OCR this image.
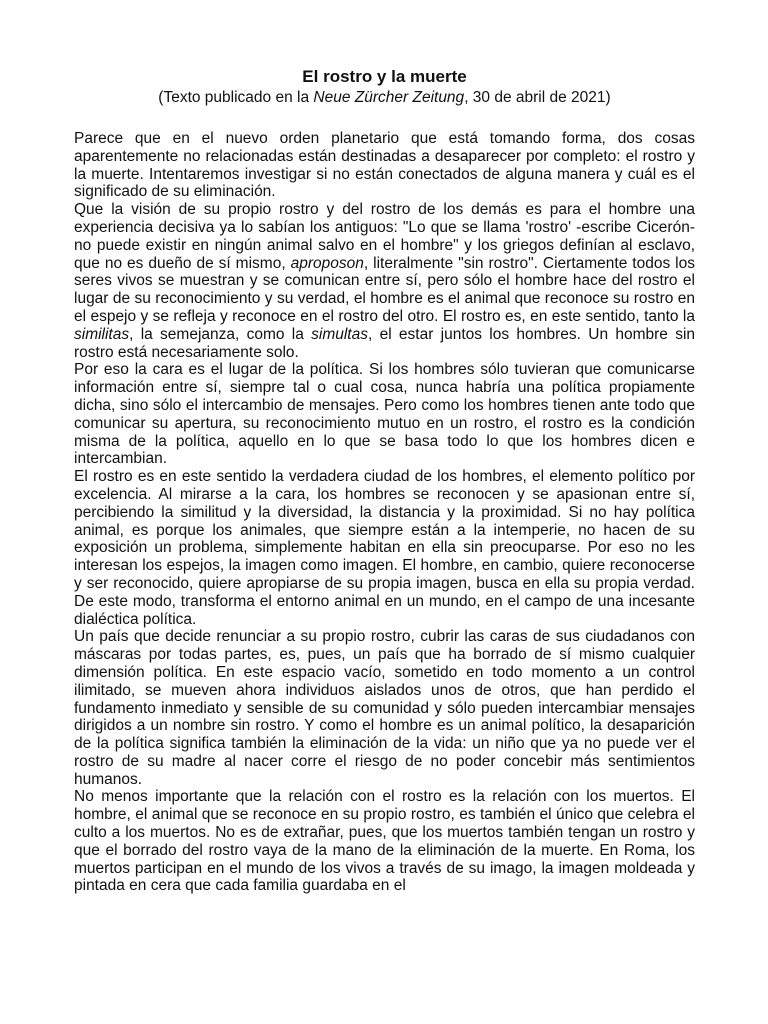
El rostro y la muerte

(Texto publicado en la Neue Zürcher Zeitung, 30 de abril de 2021)

Parece que en el nuevo orden planetario que está tomando forma, dos cosas aparentemente no relacionadas están destinadas a desaparecer por completo: el rostro y la muerte. Intentaremos investigar si no están conectados de alguna manera y cuál es el significado de su eliminación.

Que la visión de su propio rostro y del rostro de los demás es para el hombre una experiencia decisiva ya lo sabían los antiguos: "Lo que se llama 'rostro' -escribe Cicerón- no puede existir en ningún animal salvo en el hombre" y los griegos definían al esclavo, que no es dueño de sí mismo, aproposon, literalmente "sin rostro". Ciertamente todos los seres vivos se muestran y se comunican entre sí, pero sólo el hombre hace del rostro el lugar de su reconocimiento y su verdad, el hombre es el animal que reconoce su rostro en el espejo y se refleja y reconoce en el rostro del otro. El rostro es, en este sentido, tanto la similitas, la semejanza, como la simultas, el estar juntos los hombres. Un hombre sin rostro está necesariamente solo.

Por eso la cara es el lugar de la política. Si los hombres sólo tuvieran que comunicarse información entre sí, siempre tal o cual cosa, nunca habría una política propiamente dicha, sino sólo el intercambio de mensajes. Pero como los hombres tienen ante todo que comunicar su apertura, su reconocimiento mutuo en un rostro, el rostro es la condición misma de la política, aquello en lo que se basa todo lo que los hombres dicen e intercambian.

El rostro es en este sentido la verdadera ciudad de los hombres, el elemento político por excelencia. Al mirarse a la cara, los hombres se reconocen y se apasionan entre sí, percibiendo la similitud y la diversidad, la distancia y la proximidad. Si no hay política animal, es porque los animales, que siempre están a la intemperie, no hacen de su exposición un problema, simplemente habitan en ella sin preocuparse. Por eso no les interesan los espejos, la imagen como imagen. El hombre, en cambio, quiere reconocerse y ser reconocido, quiere apropiarse de su propia imagen, busca en ella su propia verdad. De este modo, transforma el entorno animal en un mundo, en el campo de una incesante dialéctica política.

Un país que decide renunciar a su propio rostro, cubrir las caras de sus ciudadanos con máscaras por todas partes, es, pues, un país que ha borrado de sí mismo cualquier dimensión política. En este espacio vacío, sometido en todo momento a un control ilimitado, se mueven ahora individuos aislados unos de otros, que han perdido el fundamento inmediato y sensible de su comunidad y sólo pueden intercambiar mensajes dirigidos a un nombre sin rostro. Y como el hombre es un animal político, la desaparición de la política significa también la eliminación de la vida: un niño que ya no puede ver el rostro de su madre al nacer corre el riesgo de no poder concebir más sentimientos humanos.

No menos importante que la relación con el rostro es la relación con los muertos. El hombre, el animal que se reconoce en su propio rostro, es también el único que celebra el culto a los muertos. No es de extrañar, pues, que los muertos también tengan un rostro y que el borrado del rostro vaya de la mano de la eliminación de la muerte. En Roma, los muertos participan en el mundo de los vivos a través de su imago, la imagen moldeada y pintada en cera que cada familia guardaba en el
